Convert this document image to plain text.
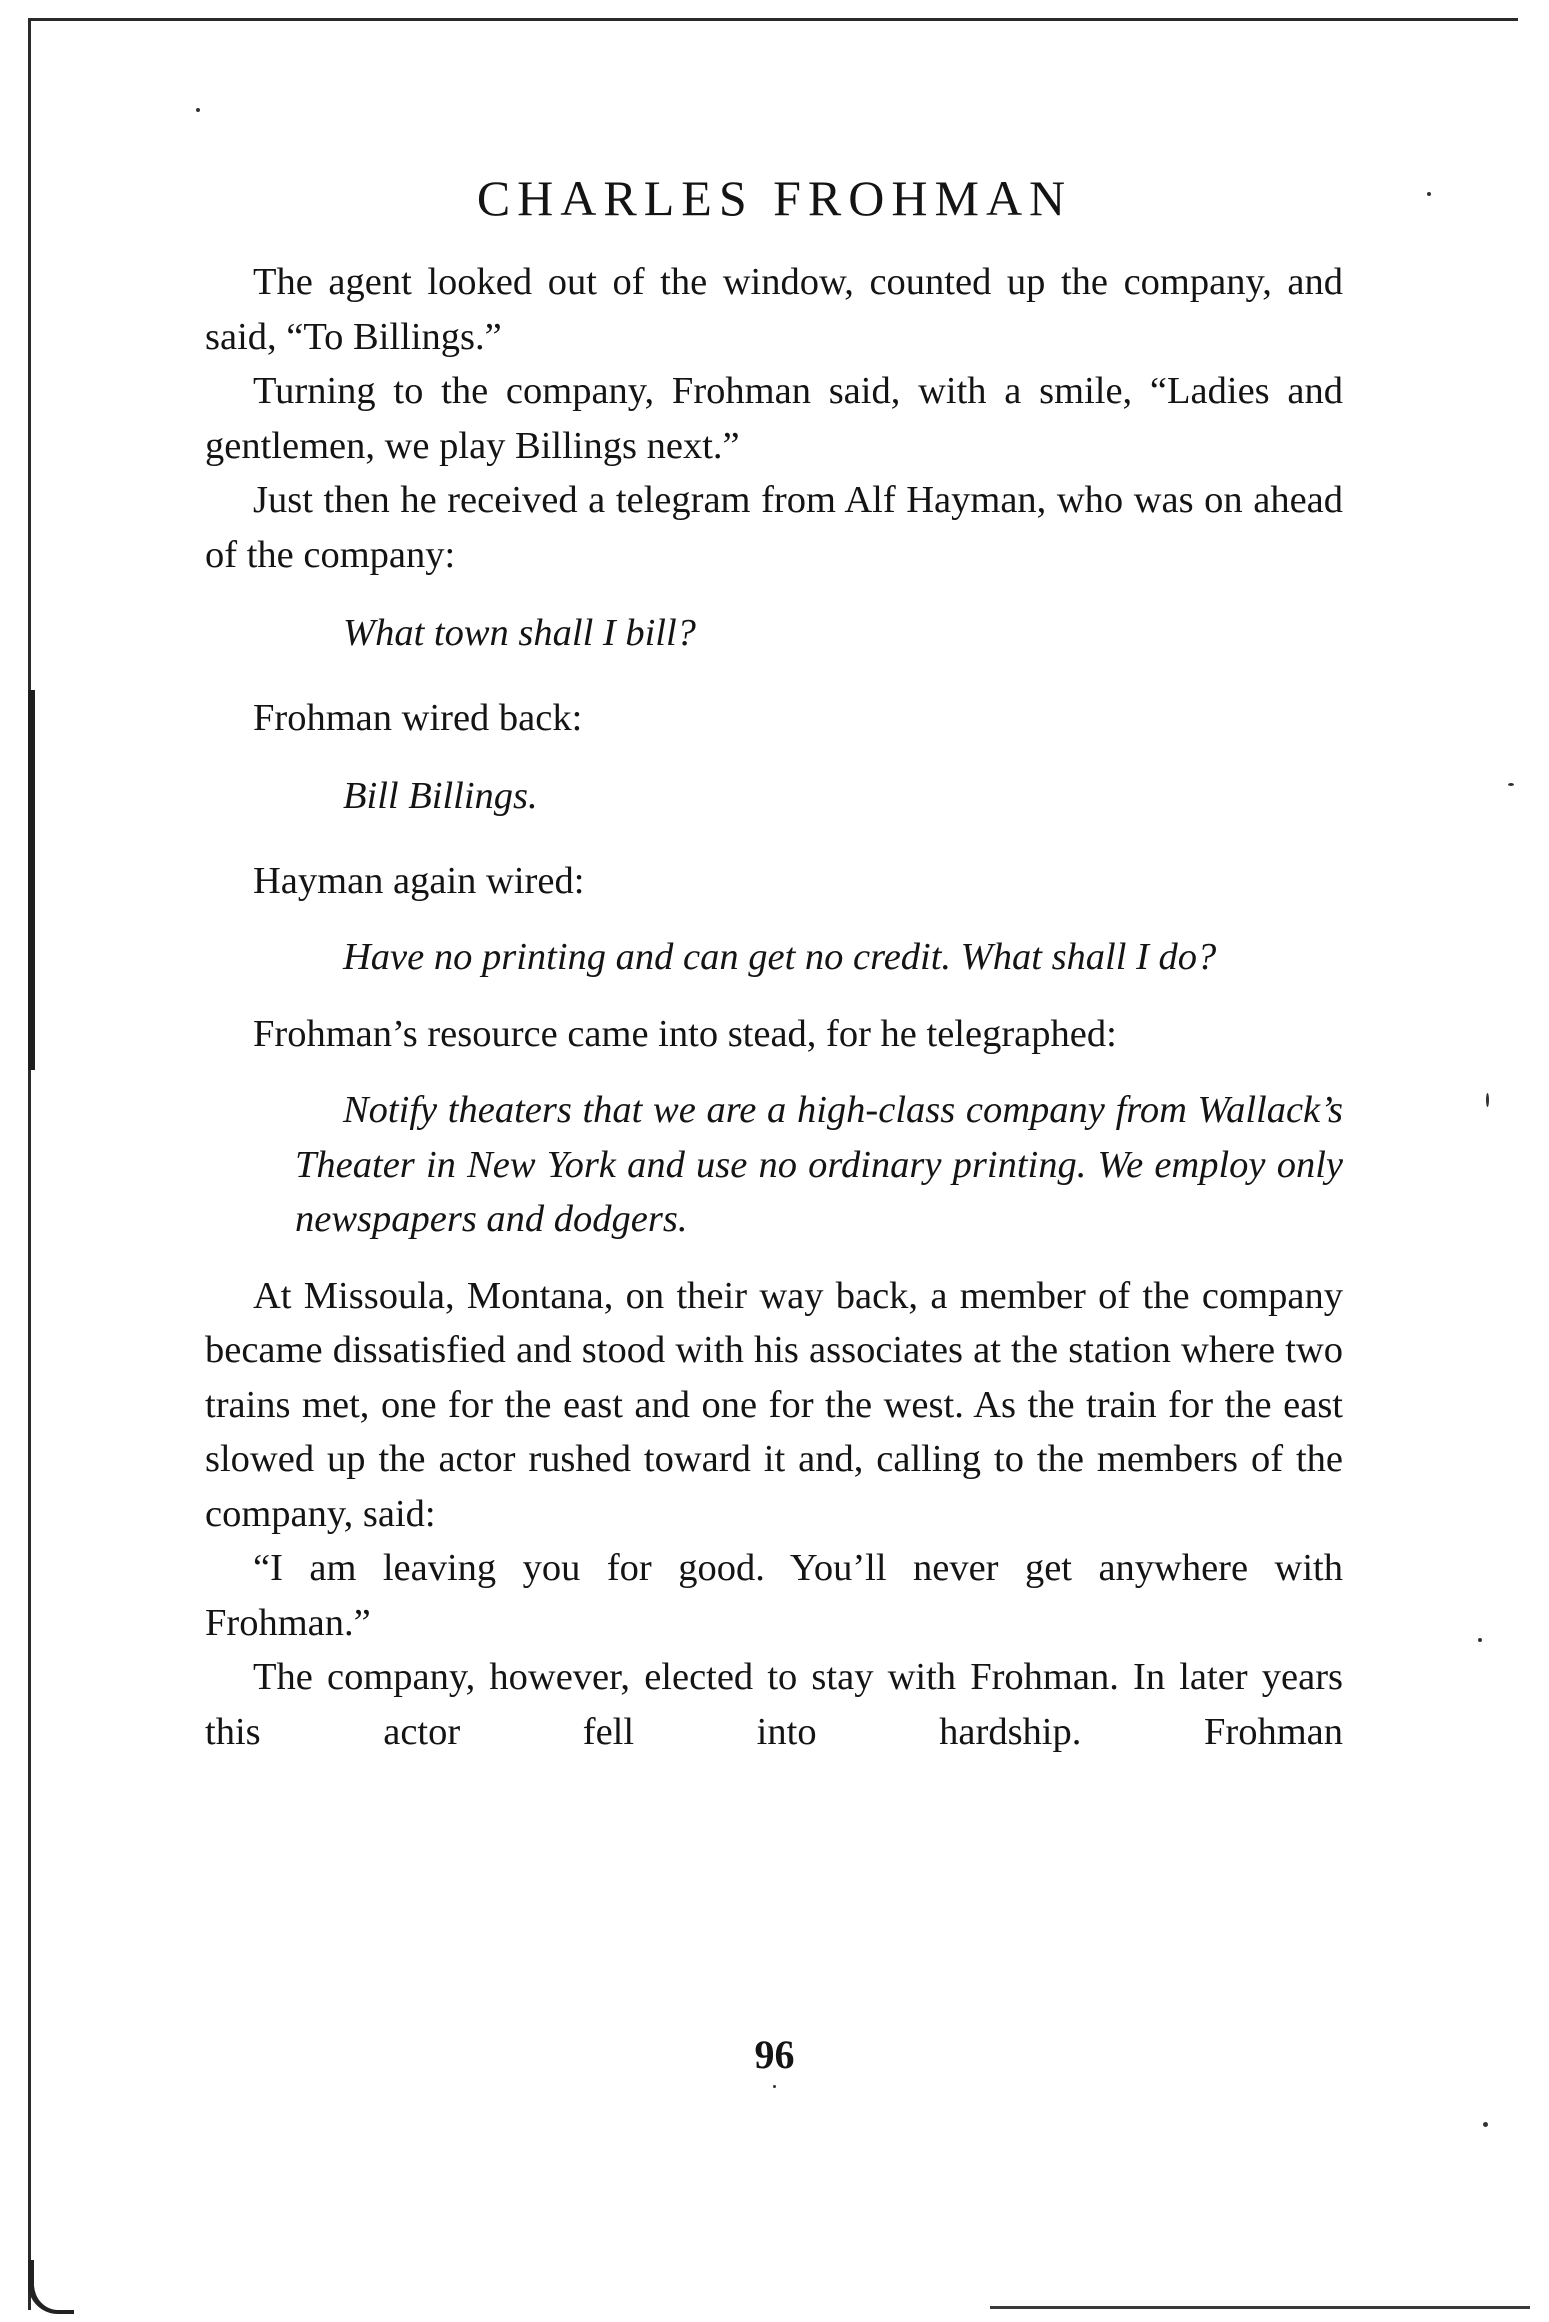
CHARLES FROHMAN

The agent looked out of the window, counted up the company, and said, “To Billings.”

Turning to the company, Frohman said, with a smile, “Ladies and gentlemen, we play Billings next.”

Just then he received a telegram from Alf Hayman, who was on ahead of the company:

What town shall I bill?

Frohman wired back:

Bill Billings.

Hayman again wired:

Have no printing and can get no credit. What shall I do?

Frohman’s resource came into stead, for he telegraphed:

Notify theaters that we are a high-class company from Wallack’s Theater in New York and use no ordinary printing. We employ only newspapers and dodgers.

At Missoula, Montana, on their way back, a member of the company became dissatisfied and stood with his associates at the station where two trains met, one for the east and one for the west. As the train for the east slowed up the actor rushed toward it and, calling to the members of the company, said:

“I am leaving you for good. You’ll never get anywhere with Frohman.”

The company, however, elected to stay with Frohman. In later years this actor fell into hardship. Frohman

96
